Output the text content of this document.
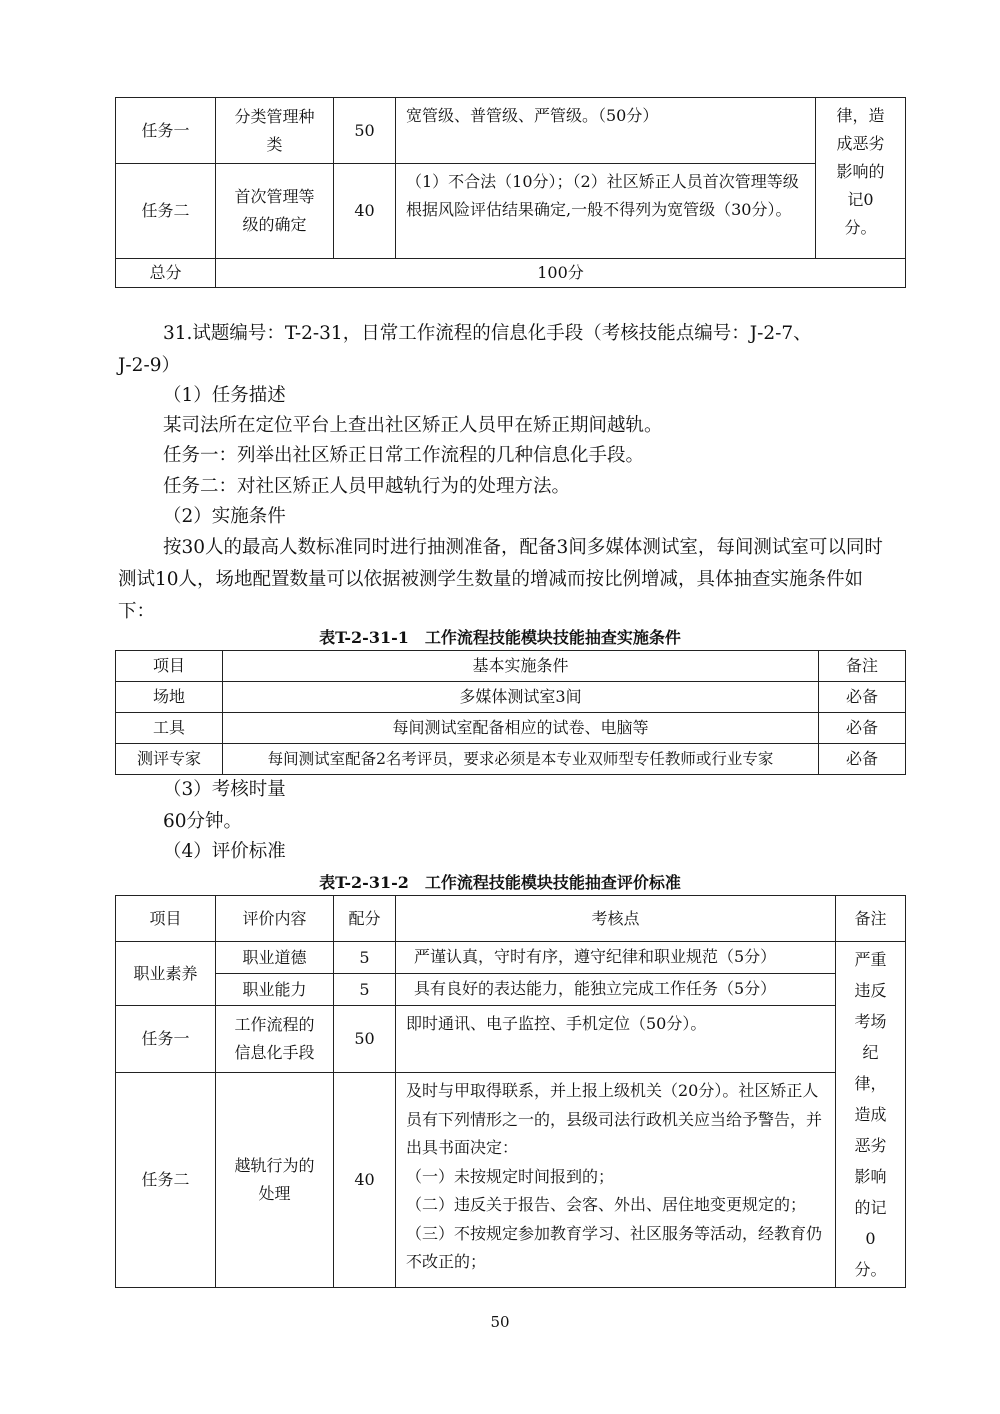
任务一	分类管理种类	50	宽管级、普管级、严管级。（50分）	律，造成恶劣影响的记0分。
任务二	首次管理等级的确定	40	（1）不合法（10分）；（2）社区矫正人员首次管理等级根据风险评估结果确定,一般不得列为宽管级（30分）。	
总分	100分			

31.试题编号：T-2-31，日常工作流程的信息化手段（考核技能点编号：J-2-7、

J-2-9）

（1）任务描述

某司法所在定位平台上查出社区矫正人员甲在矫正期间越轨。

任务一：列举出社区矫正日常工作流程的几种信息化手段。

任务二：对社区矫正人员甲越轨行为的处理方法。

（2）实施条件

按30人的最高人数标准同时进行抽测准备，配备3间多媒体测试室，每间测试室可以同时测试10人，场地配置数量可以依据被测学生数量的增减而按比例增减，具体抽查实施条件如下：

表T-2-31-1　工作流程技能模块技能抽查实施条件
项目	基本实施条件	备注
场地	多媒体测试室3间	必备
工具	每间测试室配备相应的试卷、电脑等	必备
测评专家	每间测试室配备2名考评员，要求必须是本专业双师型专任教师或行业专家	必备

（3）考核时量

60分钟。

（4）评价标准

表T-2-31-2　工作流程技能模块技能抽查评价标准
项目	评价内容	配分	考核点	备注
职业素养	职业道德	5	严谨认真，守时有序，遵守纪律和职业规范（5分）	严重违反考场纪律，造成恶劣影响的记0分。
	职业能力	5	具有良好的表达能力，能独立完成工作任务（5分）	
任务一	工作流程的信息化手段	50	即时通讯、电子监控、手机定位（50分）。	
任务二	越轨行为的处理	40	及时与甲取得联系，并上报上级机关（20分）。社区矫正人员有下列情形之一的，县级司法行政机关应当给予警告，并出具书面决定：
（一）未按规定时间报到的；
（二）违反关于报告、会客、外出、居住地变更规定的；
（三）不按规定参加教育学习、社区服务等活动，经教育仍不改正的；	
50
